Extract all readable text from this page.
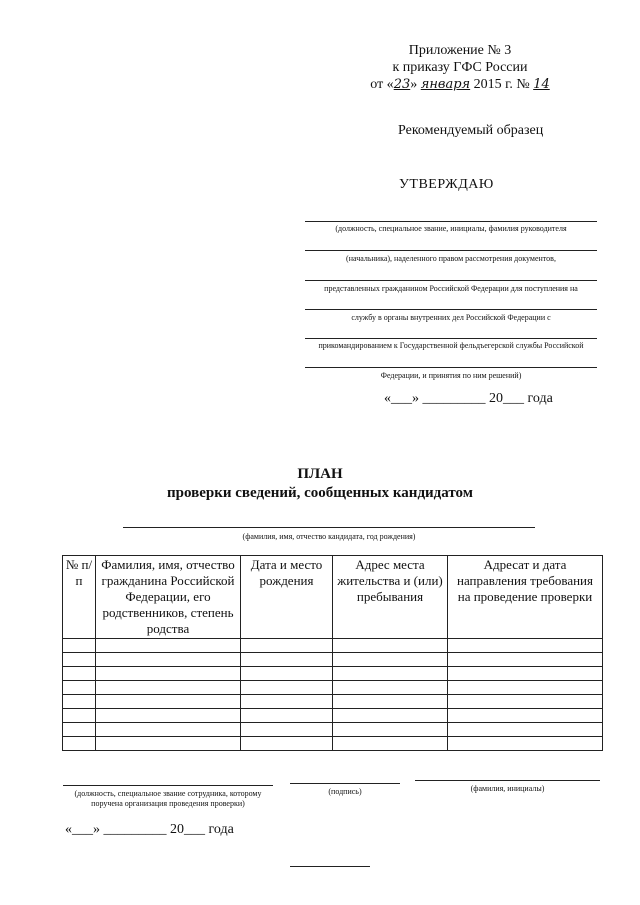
Приложение № 3
к приказу ГФС России
от «23» января 2015 г. № 14
Рекомендуемый образец
УТВЕРЖДАЮ
(должность, специальное звание, инициалы, фамилия руководителя
(начальника), наделенного правом рассмотрения документов,
представленных гражданином Российской Федерации для поступления на
службу в органы внутренних дел Российской Федерации с
прикомандированием к Государственной фельдъегерской службы Российской
Федерации, и принятия по ним решений)
«___» _________ 20___ года
ПЛАН
проверки сведений, сообщенных кандидатом
(фамилия, имя, отчество кандидата, год рождения)
№ п/п	Фамилия, имя, отчество гражданина Российской Федерации, его родственников, степень родства	Дата и место рождения	Адрес места жительства и (или) пребывания	Адресат и дата направления требования на проведение проверки

(должность, специальное звание сотрудника, которому поручена организация проведения проверки)
(подпись)	(фамилия, инициалы)
«___» _________ 20___ года
